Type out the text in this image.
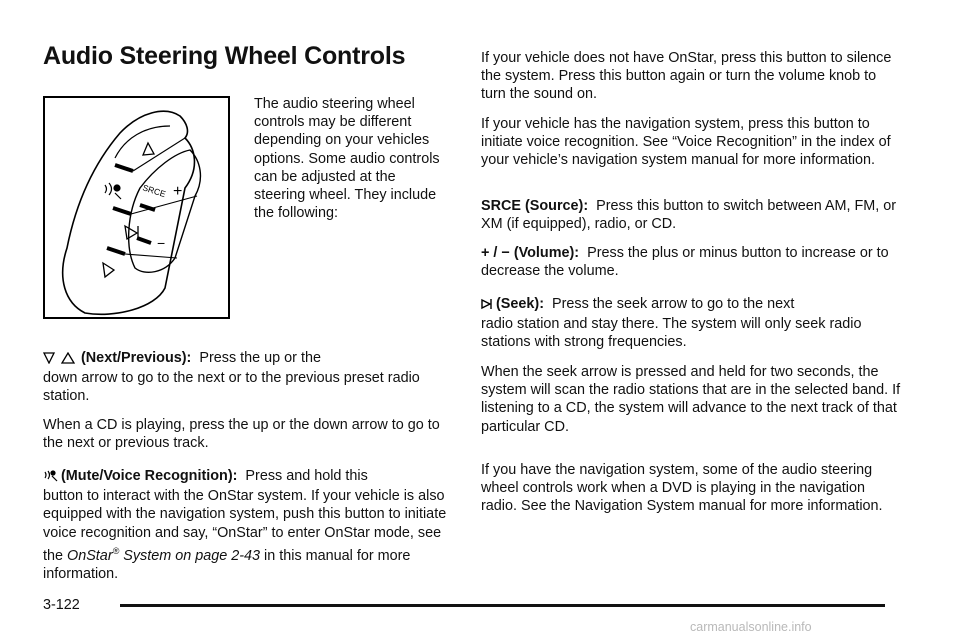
Audio Steering Wheel Controls
SRCE +
−

The audio steering wheel controls may be different depending on your vehicles options. Some audio controls can be adjusted at the steering wheel. They include the following:

(Next/Previous): Press the up or the
down arrow to go to the next or to the previous preset radio station.

When a CD is playing, press the up or the down arrow to go to the next or previous track.

(Mute/Voice Recognition): Press and hold this
button to interact with the OnStar system. If your vehicle is also equipped with the navigation system, push this button to initiate voice recognition and say, “OnStar” to enter OnStar mode, see the OnStar® System on page 2-43 in this manual for more information.

If your vehicle does not have OnStar, press this button to silence the system. Press this button again or turn the volume knob to turn the sound on.

If your vehicle has the navigation system, press this button to initiate voice recognition. See “Voice Recognition” in the index of your vehicle’s navigation system manual for more information.

SRCE (Source): Press this button to switch between AM, FM, or XM (if equipped), radio, or CD.

+ / − (Volume): Press the plus or minus button to increase or to decrease the volume.

(Seek): Press the seek arrow to go to the next
radio station and stay there. The system will only seek radio stations with strong frequencies.

When the seek arrow is pressed and held for two seconds, the system will scan the radio stations that are in the selected band. If listening to a CD, the system will advance to the next track of that particular CD.

If you have the navigation system, some of the audio steering wheel controls work when a DVD is playing in the navigation radio. See the Navigation System manual for more information.

3-122
carmanualsonline.info
